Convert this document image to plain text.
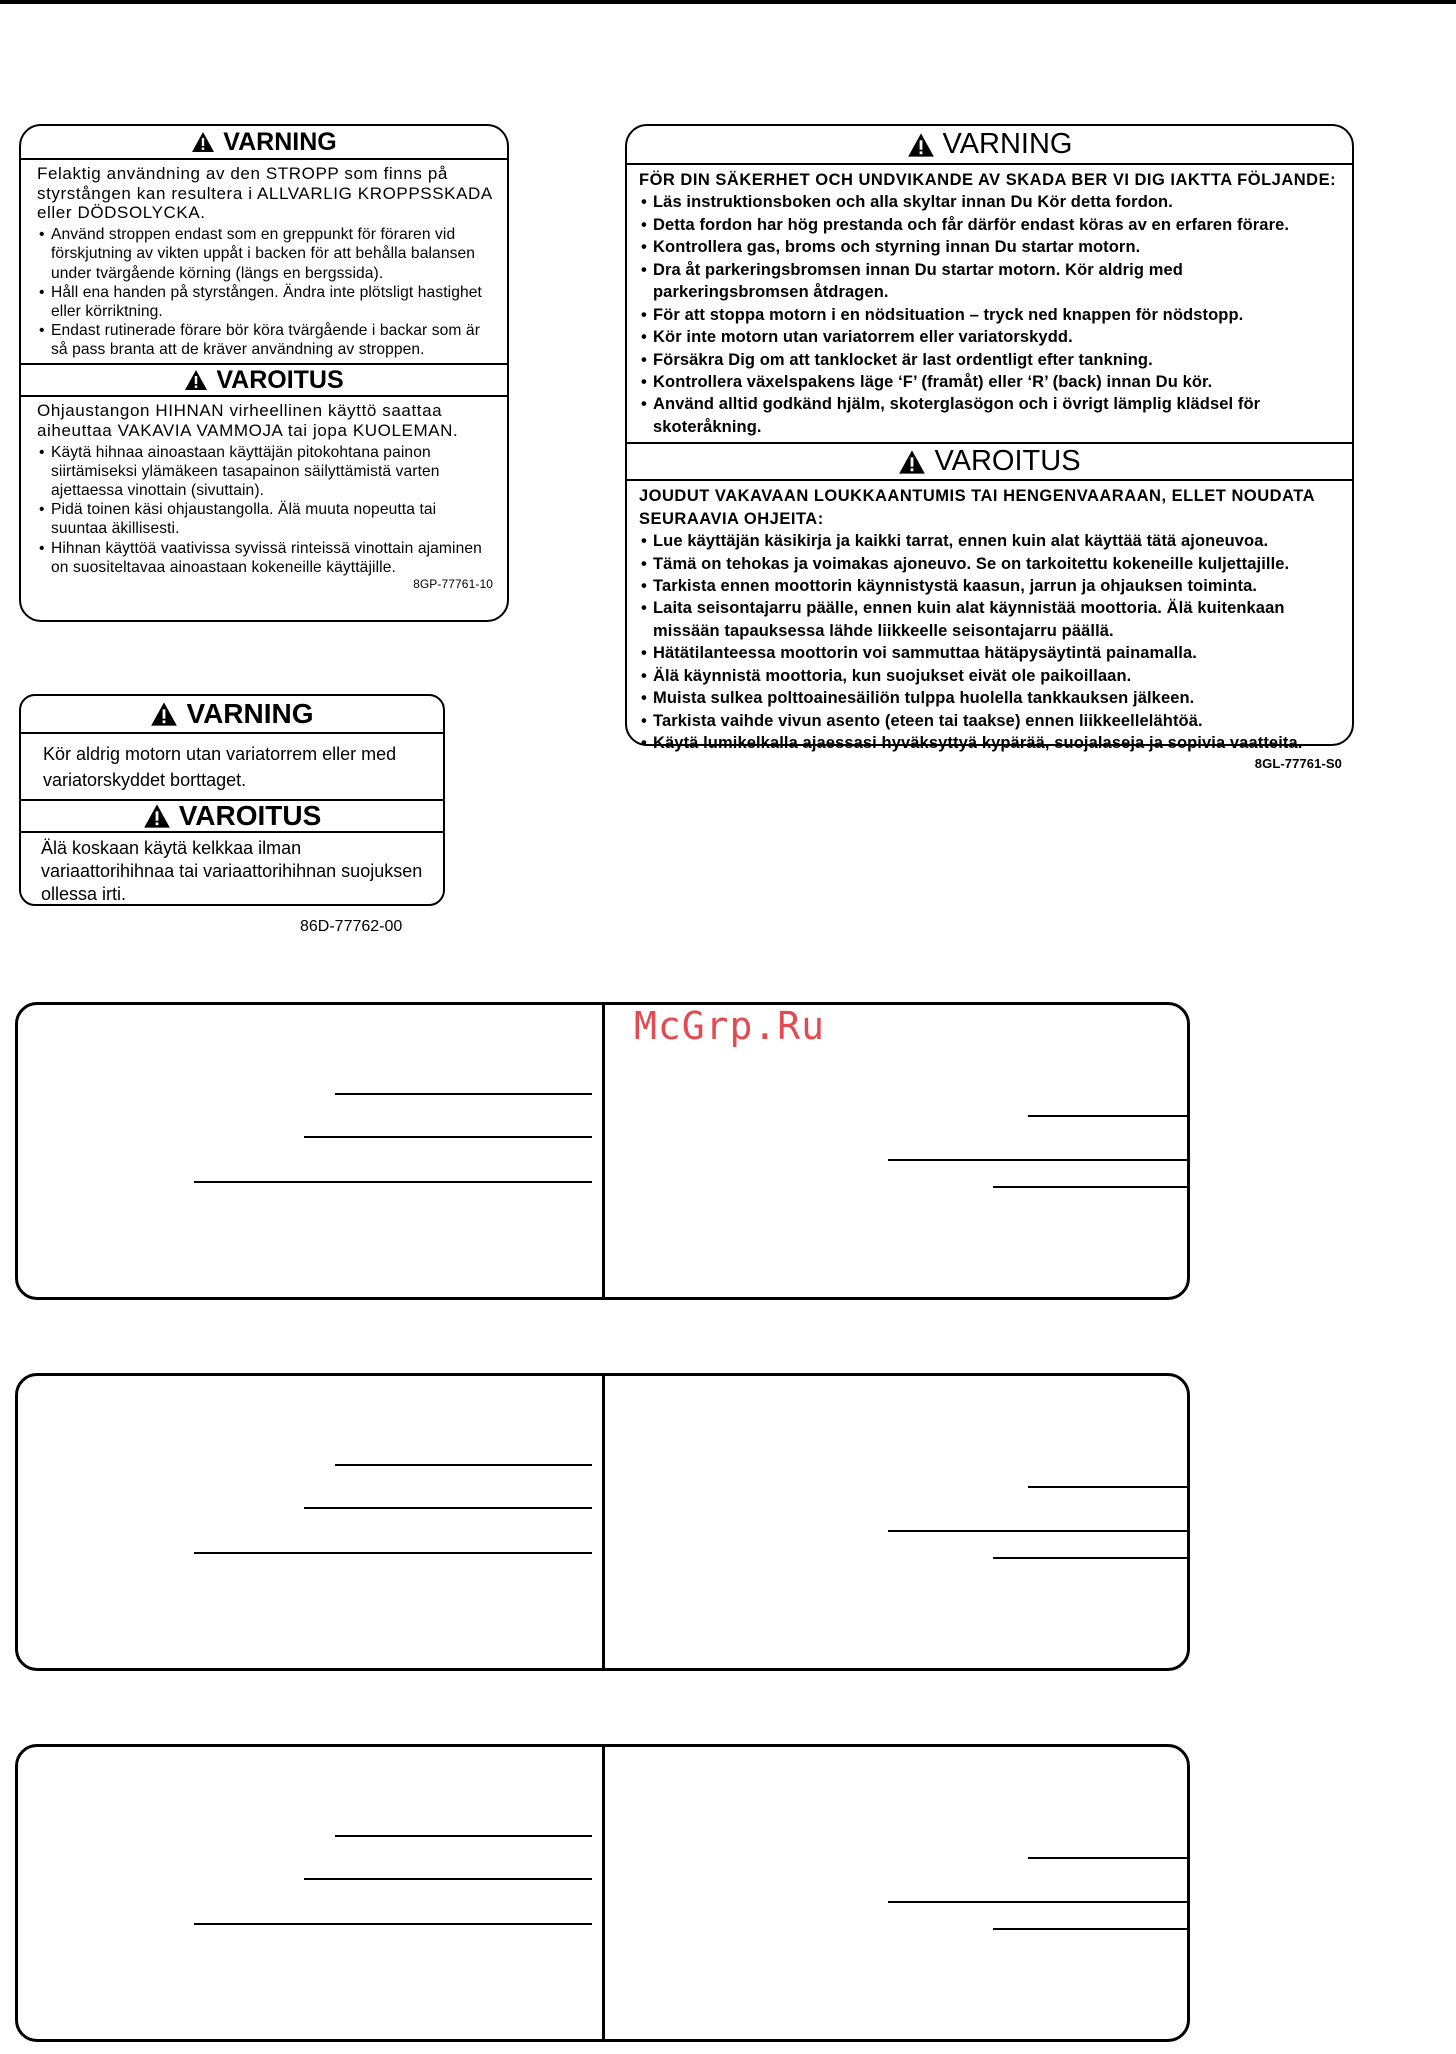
VARNING

Felaktig användning av den STROPP som finns på styrstången kan resultera i ALLVARLIG KROPPSSKADA eller DÖDSOLYCKA.

• Använd stroppen endast som en greppunkt för föraren vid förskjutning av vikten uppåt i backen för att behålla balansen under tvärgående körning (längs en bergssida).
• Håll ena handen på styrstången. Ändra inte plötsligt hastighet eller körriktning.
• Endast rutinerade förare bör köra tvärgående i backar som är så pass branta att de kräver användning av stroppen.
VAROITUS

Ohjaustangon HIHNAN virheellinen käyttö saattaa aiheuttaa VAKAVIA VAMMOJA tai jopa KUOLEMAN.

• Käytä hihnaa ainoastaan käyttäjän pitokohtana painon siirtämiseksi ylämäkeen tasapainon säilyttämistä varten ajettaessa vinottain (sivuttain).
• Pidä toinen käsi ohjaustangolla. Älä muuta nopeutta tai suuntaa äkillisesti.
• Hihnan käyttöä vaativissa syvissä rinteissä vinottain ajaminen on suositeltavaa ainoastaan kokeneille käyttäjille.
8GP-77761-10
VARNING

FÖR DIN SÄKERHET OCH UNDVIKANDE AV SKADA BER VI DIG IAKTTA FÖLJANDE:

• Läs instruktionsboken och alla skyltar innan Du Kör detta fordon.
• Detta fordon har hög prestanda och får därför endast köras av en erfaren förare.
• Kontrollera gas, broms och styrning innan Du startar motorn.
• Dra åt parkeringsbromsen innan Du startar motorn. Kör aldrig med parkeringsbromsen åtdragen.
• För att stoppa motorn i en nödsituation – tryck ned knappen för nödstopp.
• Kör inte motorn utan variatorrem eller variatorskydd.
• Försäkra Dig om att tanklocket är last ordentligt efter tankning.
• Kontrollera växelspakens läge ‘F’ (framåt) eller ‘R’ (back) innan Du kör.
• Använd alltid godkänd hjälm, skoterglasögon och i övrigt lämplig klädsel för skoteråkning.
VAROITUS

JOUDUT VAKAVAAN LOUKKAANTUMIS TAI HENGENVAARAAN, ELLET NOUDATA SEURAAVIA OHJEITA:

• Lue käyttäjän käsikirja ja kaikki tarrat, ennen kuin alat käyttää tätä ajoneuvoa.
• Tämä on tehokas ja voimakas ajoneuvo. Se on tarkoitettu kokeneille kuljettajille.
• Tarkista ennen moottorin käynnistystä kaasun, jarrun ja ohjauksen toiminta.
• Laita seisontajarru päälle, ennen kuin alat käynnistää moottoria. Älä kuitenkaan missään tapauksessa lähde liikkeelle seisontajarru päällä.
• Hätätilanteessa moottorin voi sammuttaa hätäpysäytintä painamalla.
• Älä käynnistä moottoria, kun suojukset eivät ole paikoillaan.
• Muista sulkea polttoainesäiliön tulppa huolella tankkauksen jälkeen.
• Tarkista vaihde vivun asento (eteen tai taakse) ennen liikkeellelähtöä.
• Käytä lumikelkalla ajaessasi hyväksyttyä kypärää, suojalaseja ja sopivia vaatteita.
8GL-77761-S0
VARNING
Kör aldrig motorn utan variatorrem eller med variatorskyddet borttaget.
VAROITUS
Älä koskaan käytä kelkkaa ilman variaattorihihnaa tai variaattorihihnan suojuksen ollessa irti.
86D-77762-00
McGrp.Ru
